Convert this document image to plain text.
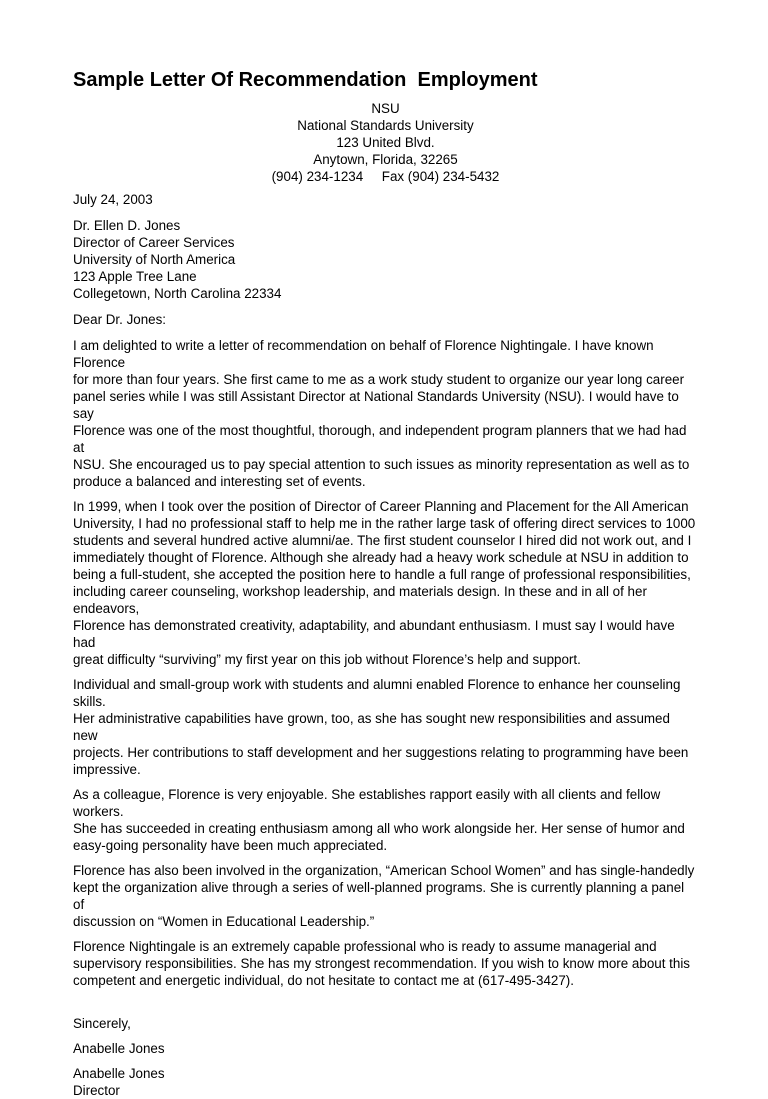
Sample Letter Of Recommendation  Employment
NSU
National Standards University
123 United Blvd.
Anytown, Florida, 32265
(904) 234-1234     Fax (904) 234-5432
July 24, 2003
Dr. Ellen D. Jones
Director of Career Services
University of North America
123 Apple Tree Lane
Collegetown, North Carolina 22334
Dear Dr. Jones:
I am delighted to write a letter of recommendation on behalf of Florence Nightingale. I have known Florence
for more than four years. She first came to me as a work study student to organize our year long career
panel series while I was still Assistant Director at National Standards University (NSU). I would have to say
Florence was one of the most thoughtful, thorough, and independent program planners that we had had at
NSU. She encouraged us to pay special attention to such issues as minority representation as well as to
produce a balanced and interesting set of events.
In 1999, when I took over the position of Director of Career Planning and Placement for the All American
University, I had no professional staff to help me in the rather large task of offering direct services to 1000
students and several hundred active alumni/ae. The first student counselor I hired did not work out, and I
immediately thought of Florence. Although she already had a heavy work schedule at NSU in addition to
being a full-student, she accepted the position here to handle a full range of professional responsibilities,
including career counseling, workshop leadership, and materials design. In these and in all of her endeavors,
Florence has demonstrated creativity, adaptability, and abundant enthusiasm. I must say I would have had
great difficulty “surviving” my first year on this job without Florence’s help and support.
Individual and small-group work with students and alumni enabled Florence to enhance her counseling skills.
Her administrative capabilities have grown, too, as she has sought new responsibilities and assumed new
projects. Her contributions to staff development and her suggestions relating to programming have been
impressive.
As a colleague, Florence is very enjoyable. She establishes rapport easily with all clients and fellow workers.
She has succeeded in creating enthusiasm among all who work alongside her. Her sense of humor and
easy-going personality have been much appreciated.
Florence has also been involved in the organization, “American School Women” and has single-handedly
kept the organization alive through a series of well-planned programs. She is currently planning a panel of
discussion on “Women in Educational Leadership.”
Florence Nightingale is an extremely capable professional who is ready to assume managerial and
supervisory responsibilities. She has my strongest recommendation. If you wish to know more about this
competent and energetic individual, do not hesitate to contact me at (617-495-3427).
Sincerely,
Anabelle Jones
Anabelle Jones
Director
